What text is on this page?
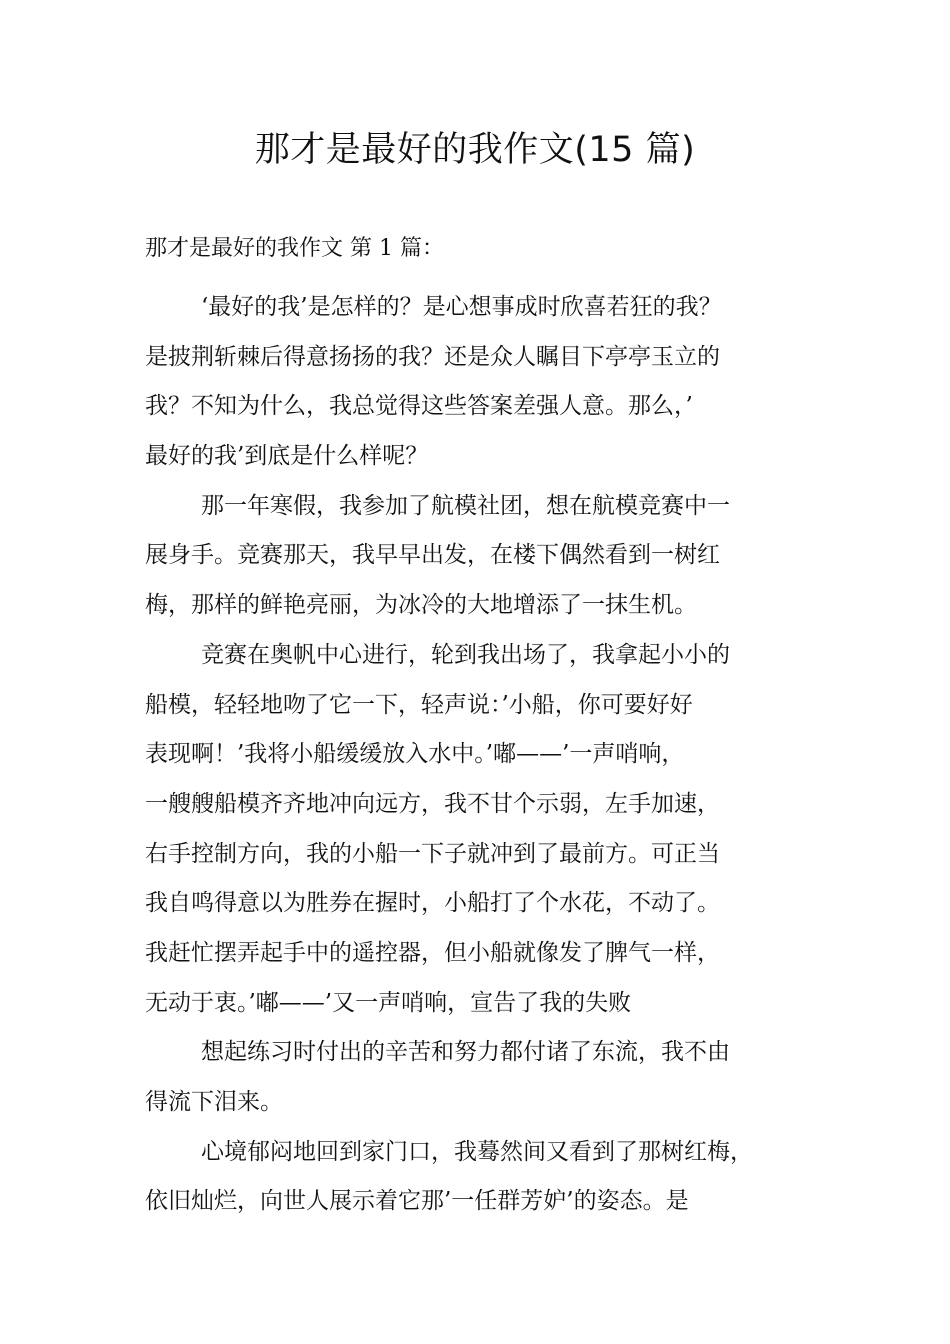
那才是最好的我作文(15 篇)
那才是最好的我作文 第 1 篇：
‘最好的我’是怎样的？是心想事成时欣喜若狂的我？
是披荆斩棘后得意扬扬的我？还是众人瞩目下亭亭玉立的
我？不知为什么，我总觉得这些答案差强人意。那么，’
最好的我’到底是什么样呢？
那一年寒假，我参加了航模社团，想在航模竞赛中一
展身手。竞赛那天，我早早出发，在楼下偶然看到一树红
梅，那样的鲜艳亮丽，为冰冷的大地增添了一抹生机。
竞赛在奥帆中心进行，轮到我出场了，我拿起小小的
船模，轻轻地吻了它一下，轻声说：’小船，你可要好好
表现啊！’我将小船缓缓放入水中。’嘟——’一声哨响，
一艘艘船模齐齐地冲向远方，我不甘个示弱，左手加速，
右手控制方向，我的小船一下子就冲到了最前方。可正当
我自鸣得意以为胜券在握时，小船打了个水花，不动了。
我赶忙摆弄起手中的遥控器，但小船就像发了脾气一样，
无动于衷。’嘟——’又一声哨响，宣告了我的失败
想起练习时付出的辛苦和努力都付诸了东流，我不由
得流下泪来。
心境郁闷地回到家门口，我蓦然间又看到了那树红梅，
依旧灿烂，向世人展示着它那’一任群芳妒’的姿态。是
